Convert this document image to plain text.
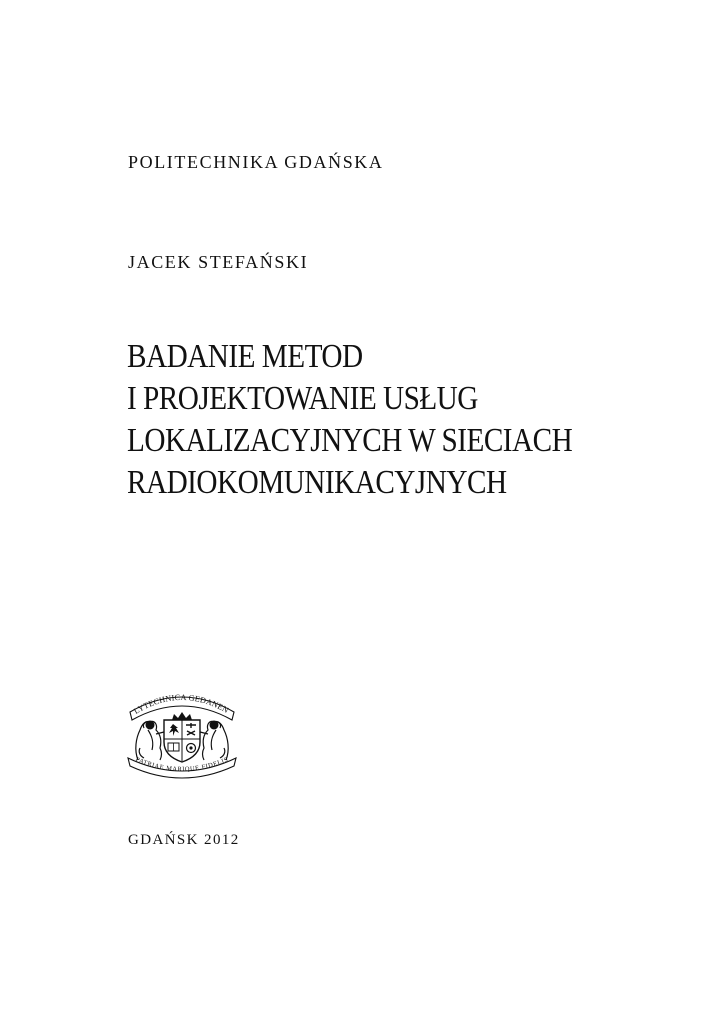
POLITECHNIKA GDAŃSKA
JACEK STEFAŃSKI
BADANIE METOD
I PROJEKTOWANIE USŁUG
LOKALIZACYJNYCH W SIECIACH
RADIOKOMUNIKACYJNYCH
LYTECHNICA GEDANEN
PATRIAE MARIQUE FIDELIS
GDAŃSK 2012
